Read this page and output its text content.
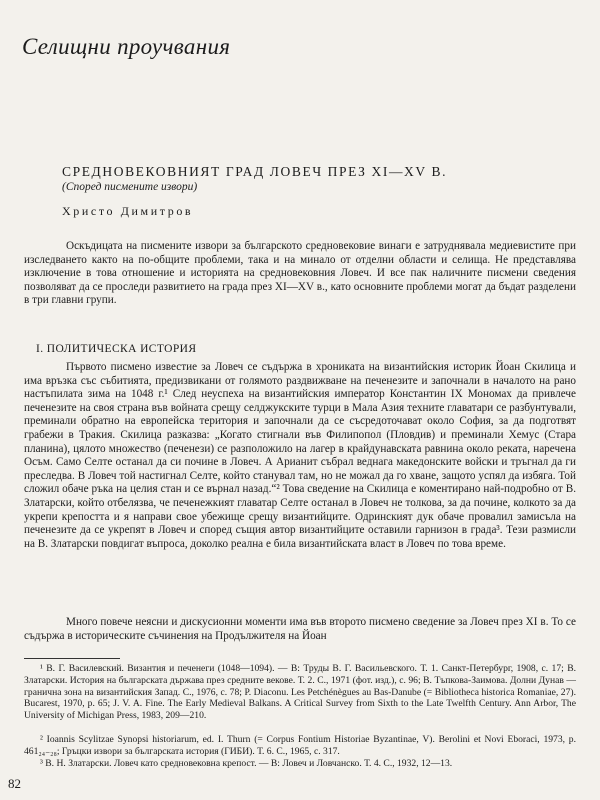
Селищни проучвания
СРЕДНОВЕКОВНИЯТ ГРАД ЛОВЕЧ ПРЕЗ XI—XV В.
(Според писмените извори)
Христо Димитров

Оскъдицата на писмените извори за българското средновековие винаги е затруднявала медиевистите при изследването както на по-общите проблеми, така и на минало от отделни области и селища. Не представлява изключение в това отношение и историята на средновековния Ловеч. И все пак наличните писмени сведения позволяват да се проследи развитието на града през XI—XV в., като основните проблеми могат да бъдат разделени в три главни групи.

I. ПОЛИТИЧЕСКА ИСТОРИЯ

Първото писмено известие за Ловеч се съдържа в хрониката на византийския историк Йоан Скилица и има връзка със събитията, предизвикани от голямото раздвижване на печенезите и започнали в началото на рано настъпилата зима на 1048 г.¹ След неуспеха на византийския император Константин IX Мономах да привлече печенезите на своя страна във войната срещу селджукските турци в Мала Азия техните главатари се разбунтували, преминали обратно на европейска територия и започнали да се съсредоточават около София, за да подготвят грабежи в Тракия. Скилица разказва: „Когато стигнали във Филипопол (Пловдив) и преминали Хемус (Стара планина), цялото множество (печенези) се разположило на лагер в крайдунавската равнина около реката, наречена Осъм. Само Селте останал да си почине в Ловеч. А Арианит събрал веднага македонските войски и тръгнал да ги преследва. В Ловеч той настигнал Селте, който станувал там, но не можал да го хване, защото успял да избяга. Той сложил обаче ръка на целия стан и се върнал назад.“² Това сведение на Скилица е коментирано най-подробно от В. Златарски, който отбелязва, че печенежкият главатар Селте останал в Ловеч не толкова, за да почине, колкото за да укрепи крепостта и я направи свое убежище срещу византийците. Одринският дук обаче провалил замисъла на печенезите да се укрепят в Ловеч и според същия автор византийците оставили гарнизон в града³. Тези размисли на В. Златарски повдигат въпроса, доколко реална е била византийската власт в Ловеч по това време.

Много повече неясни и дискусионни моменти има във второто писмено сведение за Ловеч през XI в. То се съдържа в историческите съчинения на Продължителя на Йоан

¹ В. Г. Василевский. Византия и печенеги (1048—1094). — В: Труды В. Г. Васильевского. Т. 1. Санкт-Петербург, 1908, с. 17; В. Златарски. История на българската държава през средните векове. Т. 2. С., 1971 (фот. изд.), с. 96; В. Тъпкова-Заимова. Долни Дунав — гранична зона на византийския Запад. С., 1976, с. 78; P. Diaconu. Les Petchénègues au Bas-Danube (= Bibliotheca historica Romaniae, 27). Bucarest, 1970, p. 65; J. V. A. Fine. The Early Medieval Balkans. A Critical Survey from Sixth to the Late Twelfth Century. Ann Arbor, The University of Michigan Press, 1983, 209—210.

² Ioannis Scylitzae Synopsi historiarum, ed. I. Thurn (= Corpus Fontium Historiae Byzantinae, V). Berolini et Novi Eboraci, 1973, p. 461₂₄₋₂₈; Гръцки извори за българската история (ГИБИ). Т. 6. С., 1965, с. 317.

³ В. Н. Златарски. Ловеч като средновековна крепост. — В: Ловеч и Ловчанско. Т. 4. С., 1932, 12—13.

82
